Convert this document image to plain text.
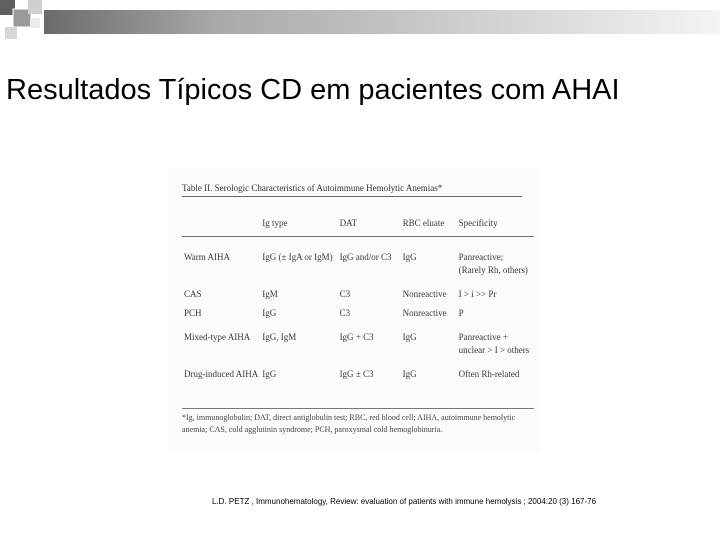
Resultados Típicos CD em pacientes com AHAI
Table II. Serologic Characteristics of Autoimmune Hemolytic Anemias*
	Ig type	DAT	RBC eluate	Specificity
Warm AIHA	IgG (± IgA or IgM)	IgG and/or C3	IgG	Panreactive;
(Rarely Rh, others)
CAS	IgM	C3	Nonreactive	I > i >> Pr
PCH	IgG	C3	Nonreactive	P
Mixed-type AIHA	IgG, IgM	IgG + C3	IgG	Panreactive +
unclear > I > others
Drug-induced AIHA	IgG	IgG ± C3	IgG	Often Rh-related
*Ig, immunoglobulin; DAT, direct antiglobulin test; RBC, red blood cell; AIHA, autoimmune hemolytic anemia; CAS, cold agglutinin syndrome; PCH, paroxysmal cold hemoglobinuria.
L.D. PETZ , Immunohematology, Review: evaluation of patients with immune hemolysis ; 2004:20 (3) 167-76
